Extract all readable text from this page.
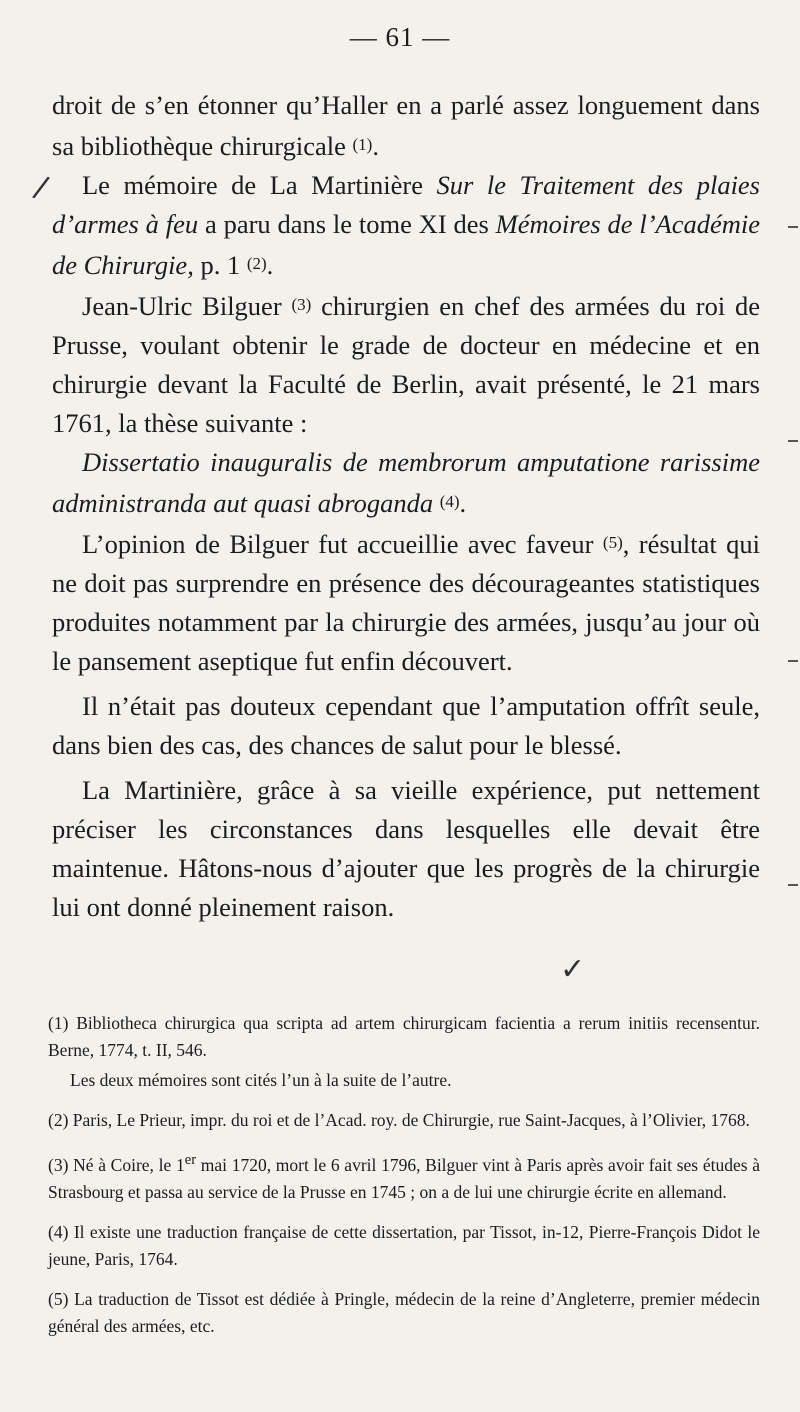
— 61 —
/

droit de s’en étonner qu’Haller en a parlé assez longuement dans sa bibliothèque chirurgicale (1).

Le mémoire de La Martinière Sur le Traitement des plaies d’armes à feu a paru dans le tome XI des Mémoires de l’Académie de Chirurgie, p. 1 (2).

Jean-Ulric Bilguer (3) chirurgien en chef des armées du roi de Prusse, voulant obtenir le grade de docteur en médecine et en chirurgie devant la Faculté de Berlin, avait présenté, le 21 mars 1761, la thèse suivante :

Dissertatio inauguralis de membrorum amputatione rarissime administranda aut quasi abroganda (4).

L’opinion de Bilguer fut accueillie avec faveur (5), résultat qui ne doit pas surprendre en présence des décourageantes statistiques produites notamment par la chirurgie des armées, jusqu’au jour où le pansement aseptique fut enfin découvert.

Il n’était pas douteux cependant que l’amputation offrît seule, dans bien des cas, des chances de salut pour le blessé.

La Martinière, grâce à sa vieille expérience, put nettement préciser les circonstances dans lesquelles elle devait être maintenue. Hâtons-nous d’ajouter que les progrès de la chirurgie lui ont donné pleinement raison.

✓

(1) Bibliotheca chirurgica qua scripta ad artem chirurgicam facientia a rerum initiis recensentur. Berne, 1774, t. II, 546.

Les deux mémoires sont cités l’un à la suite de l’autre.

(2) Paris, Le Prieur, impr. du roi et de l’Acad. roy. de Chirurgie, rue Saint-Jacques, à l’Olivier, 1768.

(3) Né à Coire, le 1er mai 1720, mort le 6 avril 1796, Bilguer vint à Paris après avoir fait ses études à Strasbourg et passa au service de la Prusse en 1745 ; on a de lui une chirurgie écrite en allemand.

(4) Il existe une traduction française de cette dissertation, par Tissot, in-12, Pierre-François Didot le jeune, Paris, 1764.

(5) La traduction de Tissot est dédiée à Pringle, médecin de la reine d’Angleterre, premier médecin général des armées, etc.
